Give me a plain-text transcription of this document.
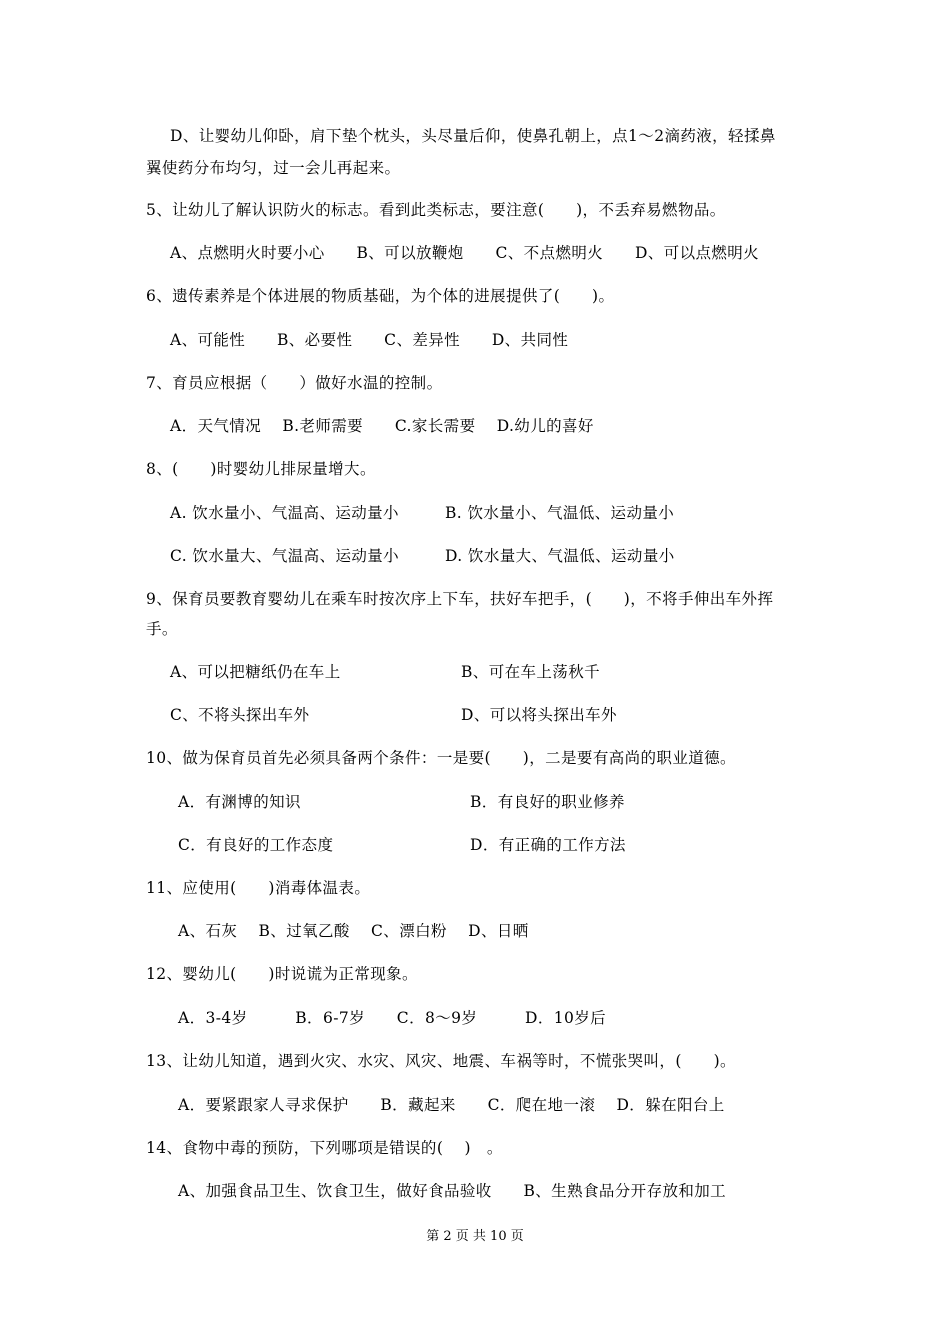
D、让婴幼儿仰卧，肩下垫个枕头，头尽量后仰，使鼻孔朝上，点1～2滴药液，轻揉鼻
翼使药分布均匀，过一会儿再起来。
5、让幼儿了解认识防火的标志。看到此类标志，要注意(　　)，不丢弃易燃物品。
A、点燃明火时要小心　　B、可以放鞭炮　　C、不点燃明火　　D、可以点燃明火
6、遗传素养是个体进展的物质基础，为个体的进展提供了(　　)。
A、可能性　　B、必要性　　C、差异性　　D、共同性
7、育员应根据（　　）做好水温的控制。
A．天气情况　 B.老师需要　　C.家长需要　 D.幼儿的喜好
8、(　　)时婴幼儿排尿量增大。
A. 饮水量小、气温高、运动量小	B. 饮水量小、气温低、运动量小
C. 饮水量大、气温高、运动量小	D. 饮水量大、气温低、运动量小
9、保育员要教育婴幼儿在乘车时按次序上下车，扶好车把手，(　　)，不将手伸出车外挥
手。
A、可以把糖纸仍在车上	B、可在车上荡秋千
C、不将头探出车外	D、可以将头探出车外
10、做为保育员首先必须具备两个条件：一是要(　　)，二是要有高尚的职业道德。
A．有渊博的知识	B．有良好的职业修养
C．有良好的工作态度	D．有正确的工作方法
11、应使用(　　)消毒体温表。
A、石灰　 B、过氧乙酸　 C、漂白粉　 D、日晒
12、婴幼儿(　　)时说谎为正常现象。
A．3-4岁　　　B．6-7岁　　C．8～9岁　　　D．10岁后
13、让幼儿知道，遇到火灾、水灾、风灾、地震、车祸等时，不慌张哭叫，(　　)。
A．要紧跟家人寻求保护　　B．藏起来　　C．爬在地一滚　 D．躲在阳台上
14、食物中毒的预防，下列哪项是错误的(　 )　。
A、加强食品卫生、饮食卫生，做好食品验收　　B、生熟食品分开存放和加工
第 2 页 共 10 页
